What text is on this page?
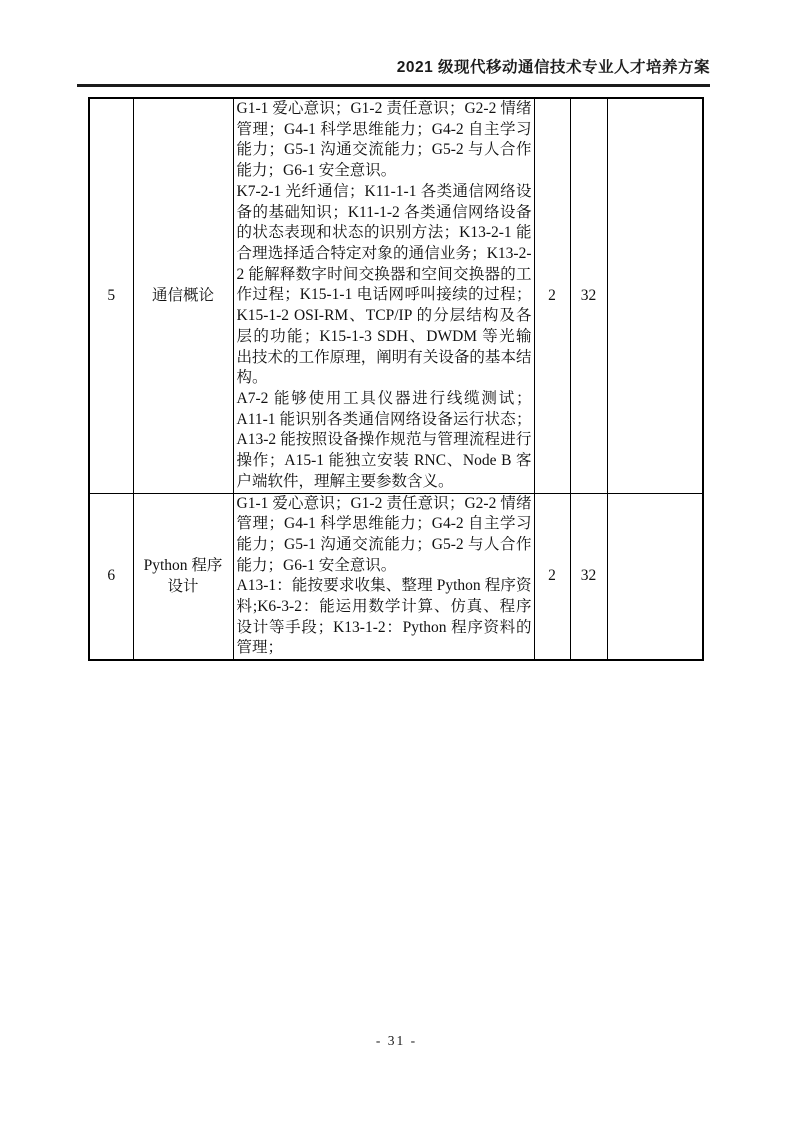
2021 级现代移动通信技术专业人才培养方案
5	通信概论	G1-1 爱心意识；G1-2 责任意识；G2-2 情绪管理；G4-1 科学思维能力；G4-2 自主学习能力；G5-1 沟通交流能力；G5-2 与人合作能力；G6-1 安全意识。

K7-2-1 光纤通信；K11-1-1 各类通信网络设备的基础知识；K11-1-2 各类通信网络设备的状态表现和状态的识别方法；K13-2-1 能合理选择适合特定对象的通信业务；K13-2-2 能解释数字时间交换器和空间交换器的工作过程；K15-1-1 电话网呼叫接续的过程；K15-1-2 OSI-RM、TCP/IP 的分层结构及各层的功能；K15-1-3 SDH、DWDM 等光输出技术的工作原理，阐明有关设备的基本结构。

A7-2 能够使用工具仪器进行线缆测试；A11-1 能识别各类通信网络设备运行状态；A13-2 能按照设备操作规范与管理流程进行操作；A15-1 能独立安装 RNC、Node B 客户端软件，理解主要参数含义。	2	32	
6	Python 程序设计	G1-1 爱心意识；G1-2 责任意识；G2-2 情绪管理；G4-1 科学思维能力；G4-2 自主学习能力；G5-1 沟通交流能力；G5-2 与人合作能力；G6-1 安全意识。

A13-1：能按要求收集、整理 Python 程序资料;K6-3-2：能运用数学计算、仿真、程序设计等手段；K13-1-2：Python 程序资料的管理；	2	32	
- 31 -
